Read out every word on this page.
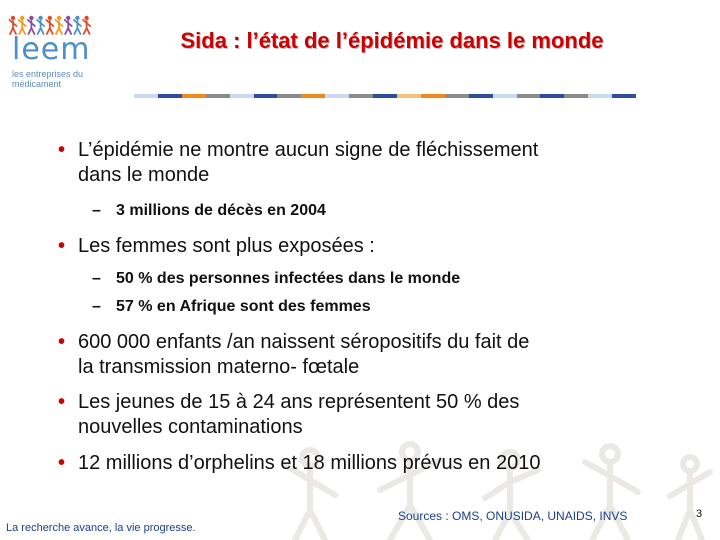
leem
les entreprises du médicament
Sida : l’état de l’épidémie dans le monde
• L’épidémie ne montre aucun signe de fléchissement
dans le monde
– 3 millions de décès en 2004
• Les femmes sont plus exposées :
– 50 % des personnes infectées dans le monde
– 57 % en Afrique sont des femmes
• 600 000 enfants /an naissent séropositifs du fait de
la transmission materno- fœtale
• Les jeunes de 15 à 24 ans représentent 50 % des
nouvelles contaminations
• 12 millions d’orphelins et 18 millions prévus en 2010
La recherche avance, la vie progresse.
Sources : OMS, ONUSIDA, UNAIDS, INVS	3
